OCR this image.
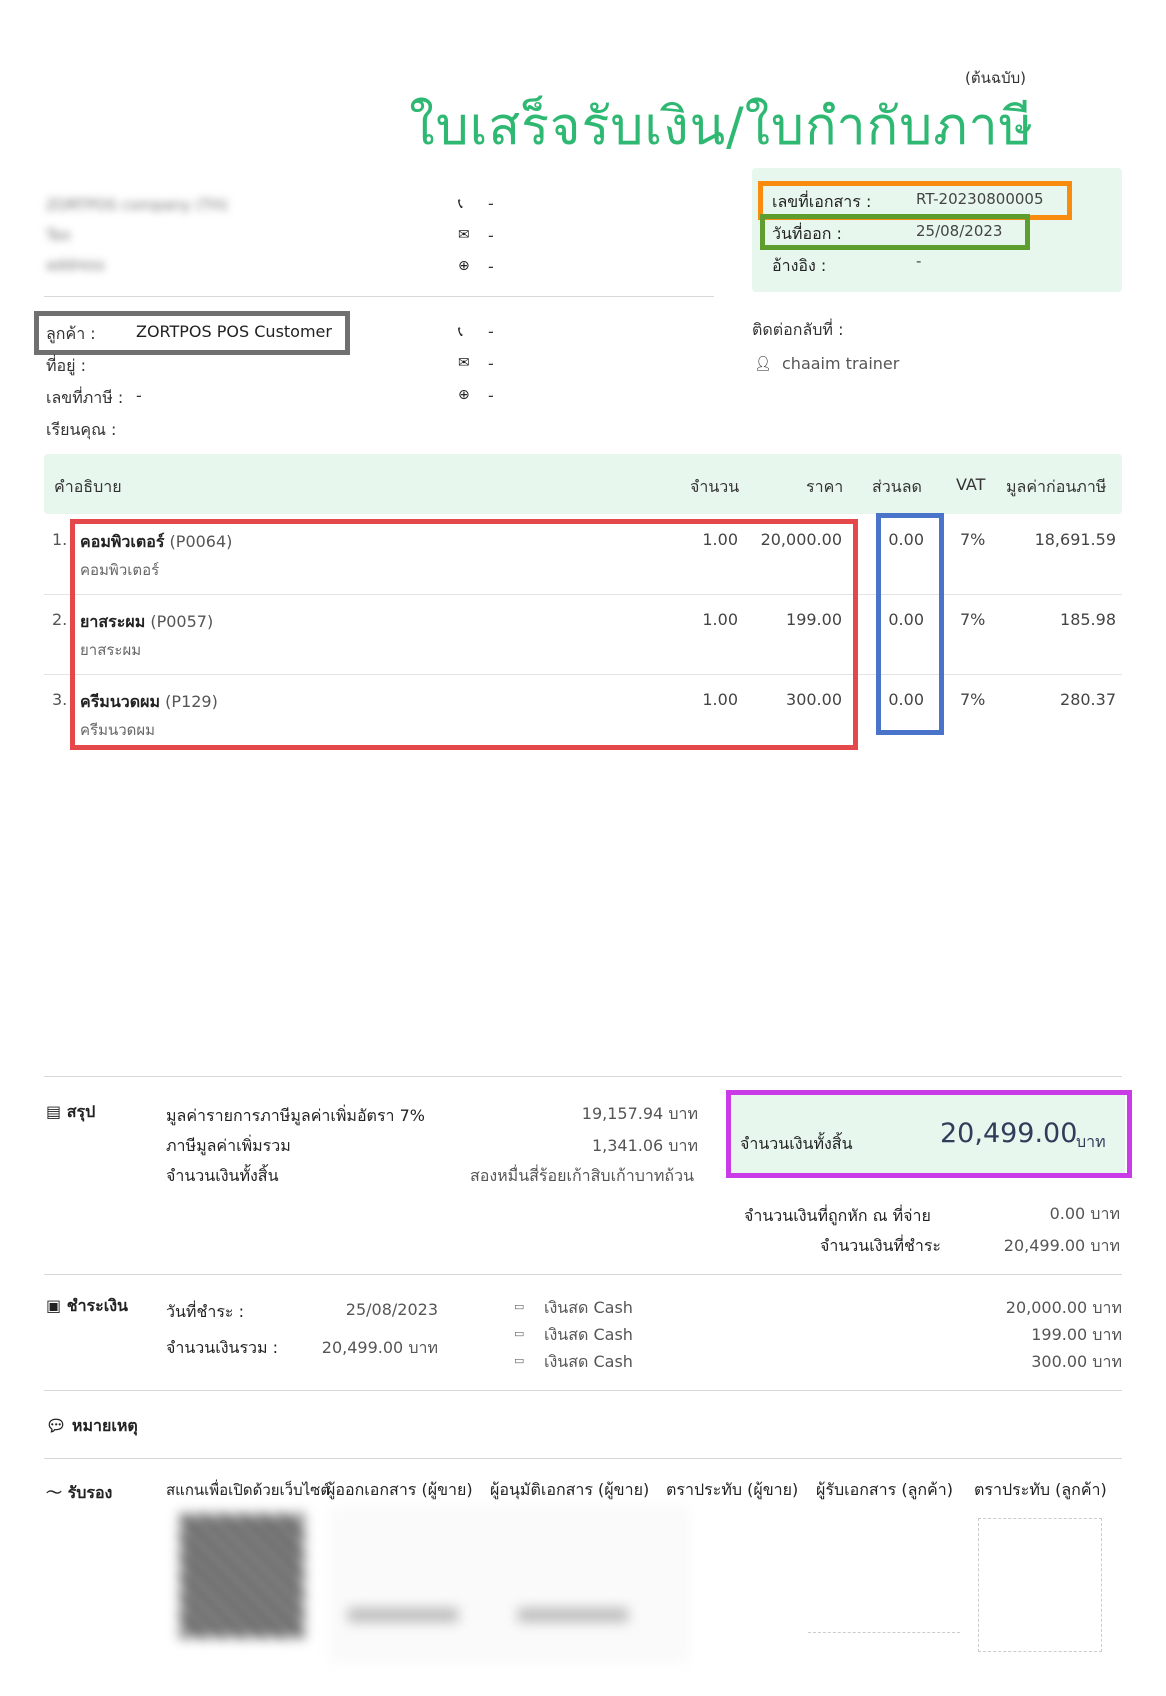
(ต้นฉบับ)
ใบเสร็จรับเงิน/ใบกำกับภาษี
ZORTPOS company (TH)
Tax
address
📞︎ -
✉ -
⊕ -
เลขที่เอกสาร :	RT-20230800005
วันที่ออก :	25/08/2023
อ้างอิง :	-
ลูกค้า :	ZORTPOS POS Customer
ที่อยู่ :
เลขที่ภาษี : -
เรียนคุณ :
📞︎ -
✉ -
⊕ -
ติดต่อกลับที่ :
👤︎ chaaim trainer
คำอธิบาย	จำนวน	ราคา ส่วนลด VAT มูลค่าก่อนภาษี
1. คอมพิวเตอร์ (P0064)
คอมพิวเตอร์
1.00	20,000.00	0.00 7%	18,691.59
2. ยาสระผม (P0057)
ยาสระผม
1.00	199.00	0.00 7%	185.98
3. ครีมนวดผม (P129)
ครีมนวดผม
1.00	300.00	0.00 7%	280.37
▤ สรุป	มูลค่ารายการภาษีมูลค่าเพิ่มอัตรา 7%	19,157.94 บาท
ภาษีมูลค่าเพิ่มรวม	1,341.06 บาท
จำนวนเงินทั้งสิ้น	สองหมื่นสี่ร้อยเก้าสิบเก้าบาทถ้วน
จำนวนเงินทั้งสิ้น	20,499.00
บาท
จำนวนเงินที่ถูกหัก ณ ที่จ่าย	0.00 บาท
จำนวนเงินที่ชำระ	20,499.00 บาท
▣ ชำระเงิน วันที่ชำระ :	25/08/2023
จำนวนเงินรวม :	20,499.00 บาท
▭ เงินสด Cash	20,000.00 บาท
▭ เงินสด Cash	199.00 บาท
▭ เงินสด Cash	300.00 บาท
💬︎ หมายเหตุ
〜 รับรอง	สแกนเพื่อเปิดด้วยเว็บไซต์
ผู้ออกเอกสาร (ผู้ขาย) ผู้อนุมัติเอกสาร (ผู้ขาย) ตราประทับ (ผู้ขาย) ผู้รับเอกสาร (ลูกค้า) ตราประทับ (ลูกค้า)
